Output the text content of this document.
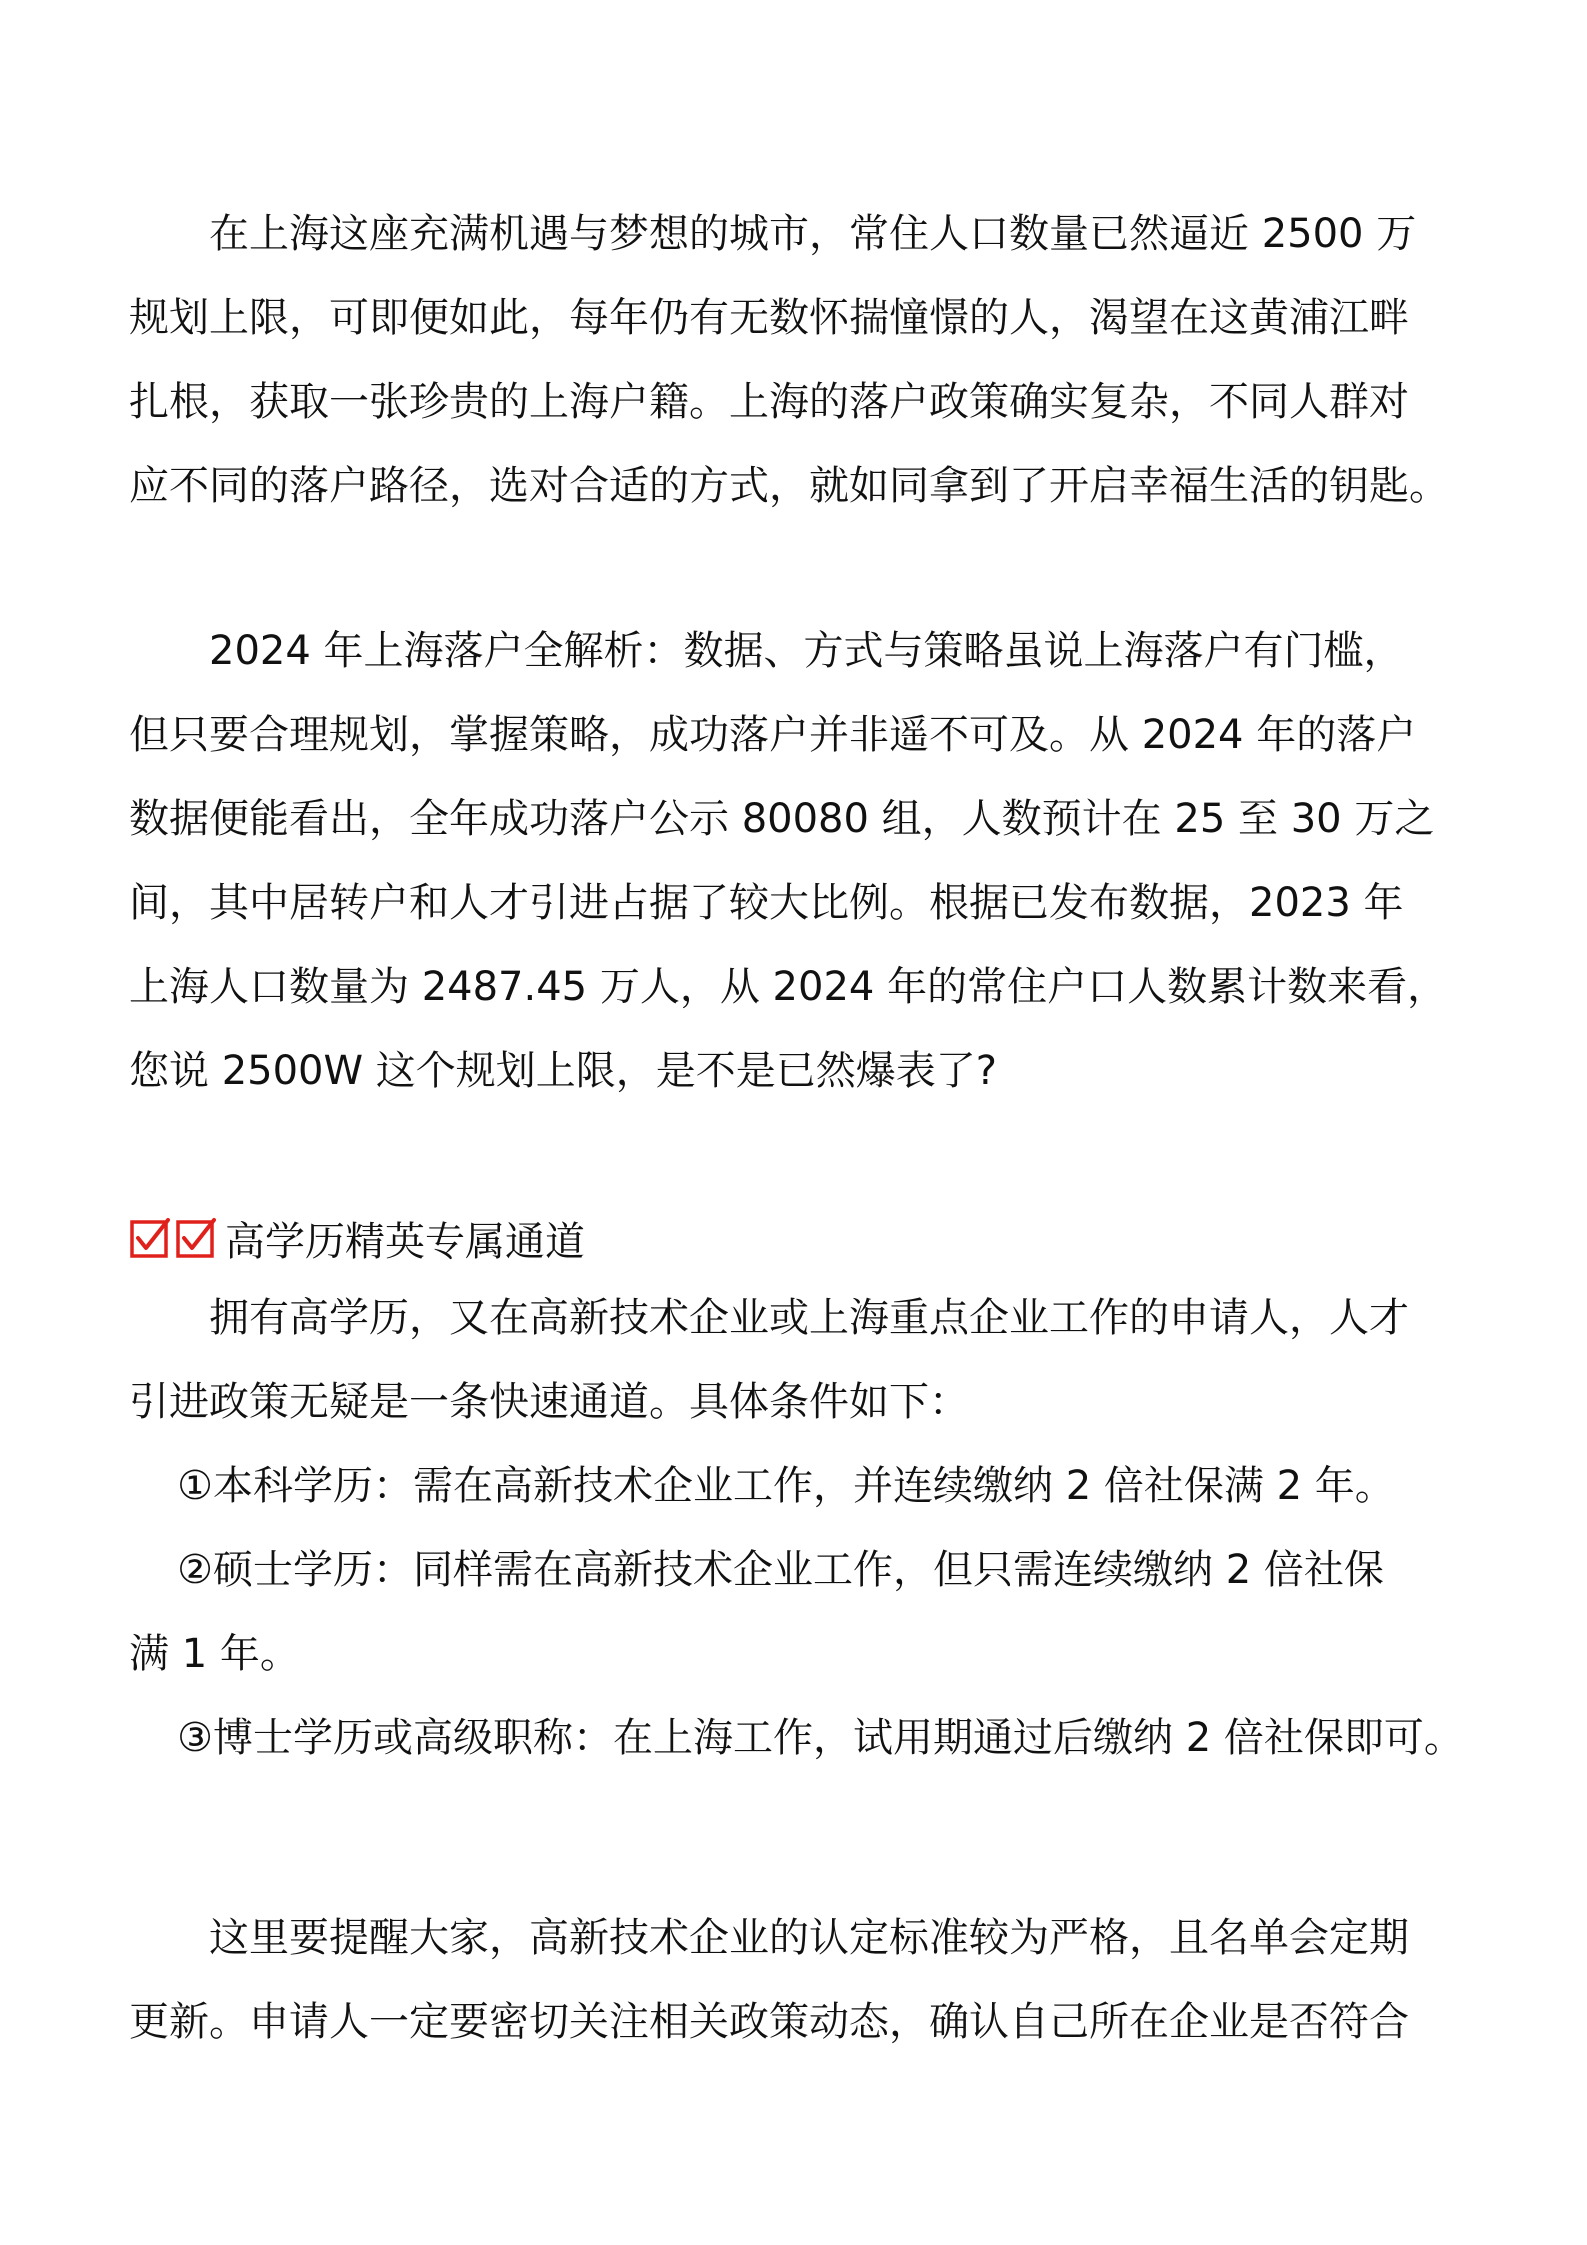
在上海这座充满机遇与梦想的城市，常住人口数量已然逼近 2500 万
规划上限，可即便如此，每年仍有无数怀揣憧憬的人，渴望在这黄浦江畔
扎根，获取一张珍贵的上海户籍。上海的落户政策确实复杂，不同人群对
应不同的落户路径，选对合适的方式，就如同拿到了开启幸福生活的钥匙。

2024 年上海落户全解析：数据、方式与策略虽说上海落户有门槛，
但只要合理规划，掌握策略，成功落户并非遥不可及。从 2024 年的落户
数据便能看出，全年成功落户公示 80080 组，人数预计在 25 至 30 万之
间，其中居转户和人才引进占据了较大比例。根据已发布数据，2023 年
上海人口数量为 2487.45 万人，从 2024 年的常住户口人数累计数来看，
您说 2500W 这个规划上限，是不是已然爆表了?

高学历精英专属通道

拥有高学历，又在高新技术企业或上海重点企业工作的申请人，人才
引进政策无疑是一条快速通道。具体条件如下：

①本科学历：需在高新技术企业工作，并连续缴纳 2 倍社保满 2 年。
②硕士学历：同样需在高新技术企业工作，但只需连续缴纳 2 倍社保
满 1 年。
③博士学历或高级职称：在上海工作，试用期通过后缴纳 2 倍社保即可。

这里要提醒大家，高新技术企业的认定标准较为严格，且名单会定期
更新。申请人一定要密切关注相关政策动态，确认自己所在企业是否符合
